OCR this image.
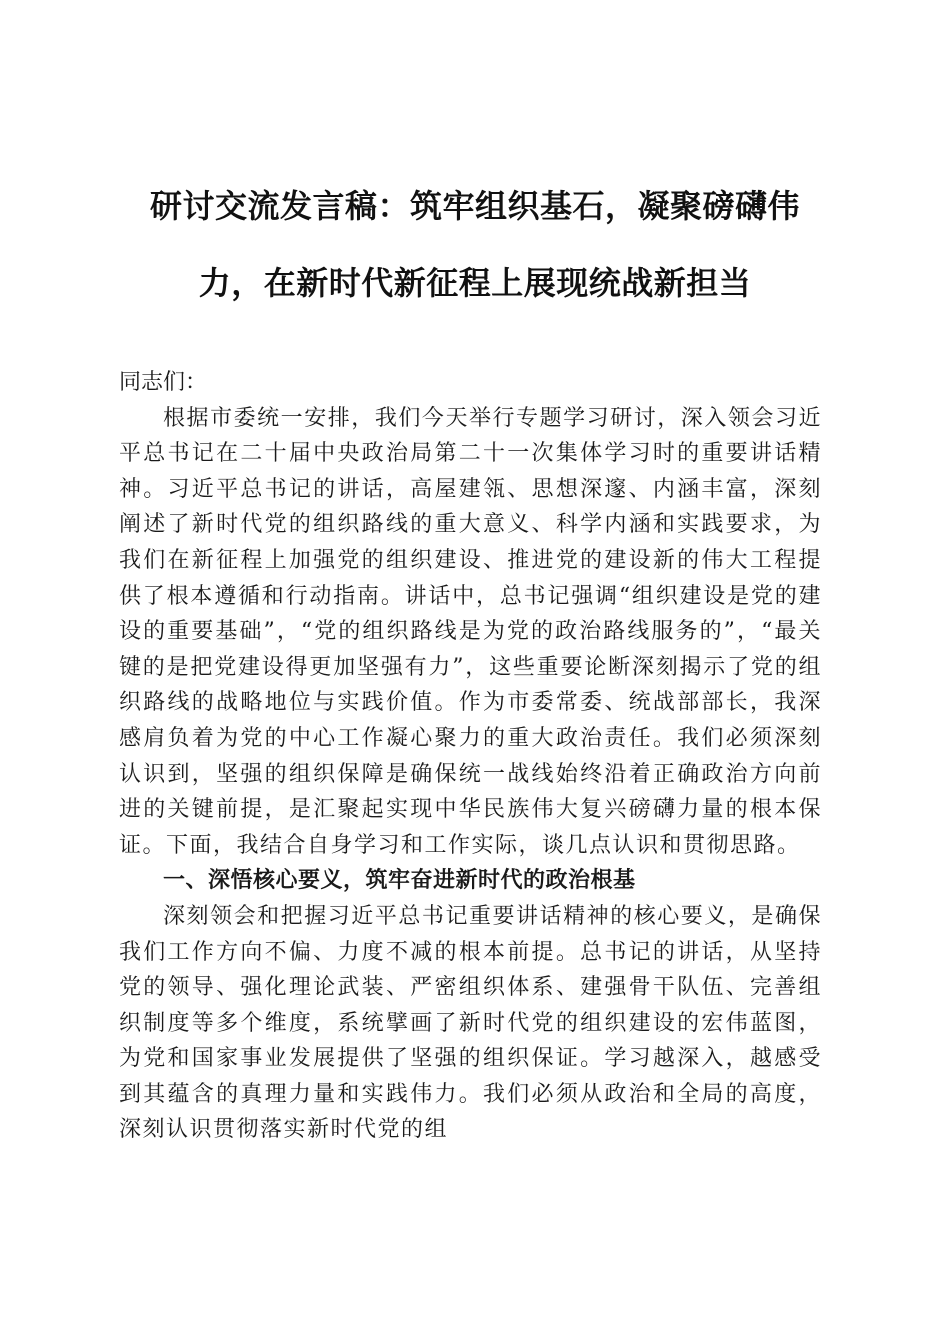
研讨交流发言稿：筑牢组织基石，凝聚磅礴伟
力，在新时代新征程上展现统战新担当

同志们：

根据市委统一安排，我们今天举行专题学习研讨，深入领会习近平总书记在二十届中央政治局第二十一次集体学习时的重要讲话精神。习近平总书记的讲话，高屋建瓴、思想深邃、内涵丰富，深刻阐述了新时代党的组织路线的重大意义、科学内涵和实践要求，为我们在新征程上加强党的组织建设、推进党的建设新的伟大工程提供了根本遵循和行动指南。讲话中，总书记强调“组织建设是党的建设的重要基础”，“党的组织路线是为党的政治路线服务的”，“最关键的是把党建设得更加坚强有力”，这些重要论断深刻揭示了党的组织路线的战略地位与实践价值。作为市委常委、统战部部长，我深感肩负着为党的中心工作凝心聚力的重大政治责任。我们必须深刻认识到，坚强的组织保障是确保统一战线始终沿着正确政治方向前进的关键前提，是汇聚起实现中华民族伟大复兴磅礴力量的根本保证。下面，我结合自身学习和工作实际，谈几点认识和贯彻思路。

一、深悟核心要义，筑牢奋进新时代的政治根基

深刻领会和把握习近平总书记重要讲话精神的核心要义，是确保我们工作方向不偏、力度不减的根本前提。总书记的讲话，从坚持党的领导、强化理论武装、严密组织体系、建强骨干队伍、完善组织制度等多个维度，系统擘画了新时代党的组织建设的宏伟蓝图，为党和国家事业发展提供了坚强的组织保证。学习越深入，越感受到其蕴含的真理力量和实践伟力。我们必须从政治和全局的高度，深刻认识贯彻落实新时代党的组
